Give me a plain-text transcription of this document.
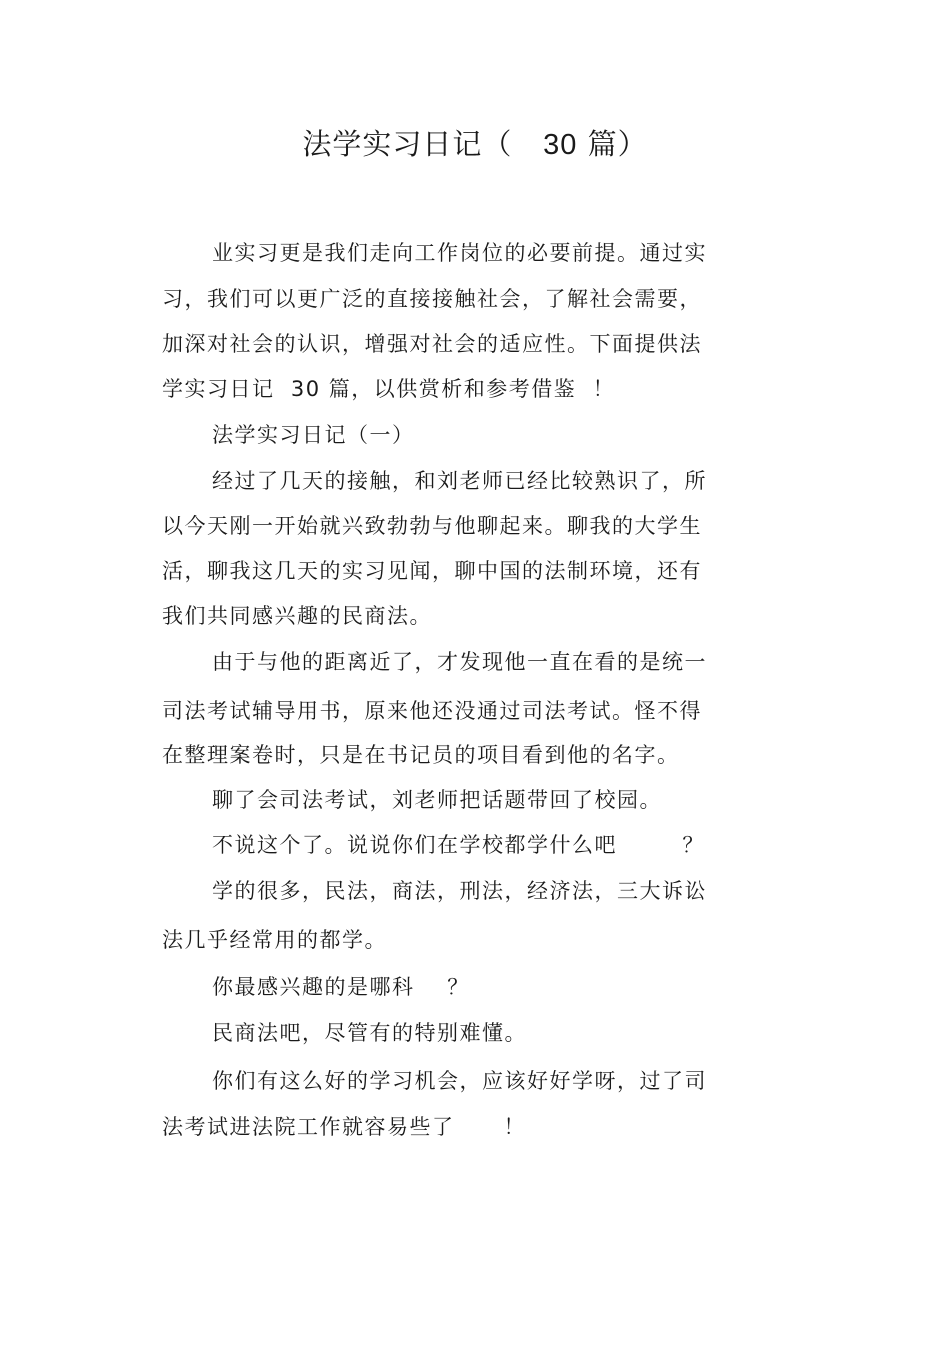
法学实习日记（ 30 篇）
业实习更是我们走向工作岗位的必要前提。通过实
习，我们可以更广泛的直接接触社会，了解社会需要，
加深对社会的认识，增强对社会的适应性。下面提供法
学实习日记  30 篇，以供赏析和参考借鉴  ！
法学实习日记（一）
经过了几天的接触，和刘老师已经比较熟识了，所
以今天刚一开始就兴致勃勃与他聊起来。聊我的大学生
活，聊我这几天的实习见闻，聊中国的法制环境，还有
我们共同感兴趣的民商法。
由于与他的距离近了，才发现他一直在看的是统一
司法考试辅导用书，原来他还没通过司法考试。怪不得
在整理案卷时，只是在书记员的项目看到他的名字。
聊了会司法考试，刘老师把话题带回了校园。
不说这个了。说说你们在学校都学什么吧        ？
学的很多，民法，商法，刑法，经济法，三大诉讼
法几乎经常用的都学。
你最感兴趣的是哪科    ？
民商法吧，尽管有的特别难懂。
你们有这么好的学习机会，应该好好学呀，过了司
法考试进法院工作就容易些了      ！
